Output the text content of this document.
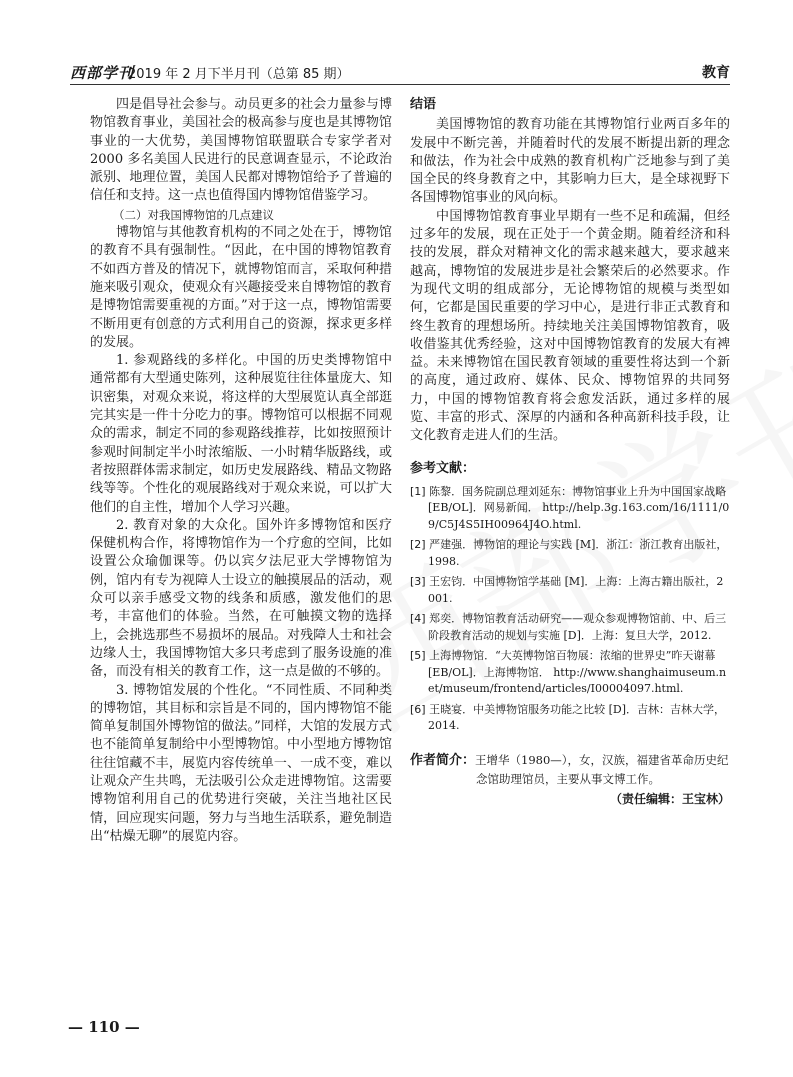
西部学刊
2019 年 2 月下半月刊（总第 85 期）	教育

四是倡导社会参与。动员更多的社会力量参与博物馆教育事业，美国社会的极高参与度也是其博物馆事业的一大优势，美国博物馆联盟联合专家学者对 2000 多名美国人民进行的民意调查显示，不论政治派别、地理位置，美国人民都对博物馆给予了普遍的信任和支持。这一点也值得国内博物馆借鉴学习。

（二）对我国博物馆的几点建议

博物馆与其他教育机构的不同之处在于，博物馆的教育不具有强制性。“因此，在中国的博物馆教育不如西方普及的情况下，就博物馆而言，采取何种措施来吸引观众，使观众有兴趣接受来自博物馆的教育是博物馆需要重视的方面。”对于这一点，博物馆需要不断用更有创意的方式利用自己的资源，探求更多样的发展。

1. 参观路线的多样化。中国的历史类博物馆中通常都有大型通史陈列，这种展览往往体量庞大、知识密集，对观众来说，将这样的大型展览认真全部逛完其实是一件十分吃力的事。博物馆可以根据不同观众的需求，制定不同的参观路线推荐，比如按照预计参观时间制定半小时浓缩版、一小时精华版路线，或者按照群体需求制定，如历史发展路线、精品文物路线等等。个性化的观展路线对于观众来说，可以扩大他们的自主性，增加个人学习兴趣。

2. 教育对象的大众化。国外许多博物馆和医疗保健机构合作，将博物馆作为一个疗愈的空间，比如设置公众瑜伽课等。仍以宾夕法尼亚大学博物馆为例，馆内有专为视障人士设立的触摸展品的活动，观众可以亲手感受文物的线条和质感，激发他们的思考，丰富他们的体验。当然，在可触摸文物的选择上，会挑选那些不易损坏的展品。对残障人士和社会边缘人士，我国博物馆大多只考虑到了服务设施的准备，而没有相关的教育工作，这一点是做的不够的。

3. 博物馆发展的个性化。“不同性质、不同种类的博物馆，其目标和宗旨是不同的，国内博物馆不能简单复制国外博物馆的做法。”同样，大馆的发展方式也不能简单复制给中小型博物馆。中小型地方博物馆往往馆藏不丰，展览内容传统单一、一成不变，难以让观众产生共鸣，无法吸引公众走进博物馆。这需要博物馆利用自己的优势进行突破，关注当地社区民情，回应现实问题，努力与当地生活联系，避免制造出“枯燥无聊”的展览内容。

结语

美国博物馆的教育功能在其博物馆行业两百多年的发展中不断完善，并随着时代的发展不断提出新的理念和做法，作为社会中成熟的教育机构广泛地参与到了美国全民的终身教育之中，其影响力巨大，是全球视野下各国博物馆事业的风向标。

中国博物馆教育事业早期有一些不足和疏漏，但经过多年的发展，现在正处于一个黄金期。随着经济和科技的发展，群众对精神文化的需求越来越大，要求越来越高，博物馆的发展进步是社会繁荣后的必然要求。作为现代文明的组成部分，无论博物馆的规模与类型如何，它都是国民重要的学习中心，是进行非正式教育和终生教育的理想场所。持续地关注美国博物馆教育，吸收借鉴其优秀经验，这对中国博物馆教育的发展大有裨益。未来博物馆在国民教育领域的重要性将达到一个新的高度，通过政府、媒体、民众、博物馆界的共同努力，中国的博物馆教育将会愈发活跃，通过多样的展览、丰富的形式、深厚的内涵和各种高新科技手段，让文化教育走进人们的生活。

参考文献：
[1] 陈黎．国务院副总理刘延东：博物馆事业上升为中国国家战略 [EB/OL]．网易新闻． http://help.3g.163.com/16/1111/09/C5J4S5IH00964J4O.html.
[2] 严建强．博物馆的理论与实践 [M]．浙江：浙江教育出版社，1998.
[3] 王宏钧．中国博物馆学基础 [M]．上海：上海古籍出版社，2001.
[4] 郑奕．博物馆教育活动研究——观众参观博物馆前、中、后三阶段教育活动的规划与实施 [D]．上海：复旦大学，2012.
[5] 上海博物馆．“大英博物馆百物展：浓缩的世界史”昨天谢幕 [EB/OL]．上海博物馆． http://www.shanghaimuseum.net/museum/frontend/articles/I00004097.html.
[6] 王晓宴．中美博物馆服务功能之比较 [D]．吉林：吉林大学，2014.
作者简介：王增华（1980—），女，汉族，福建省革命历史纪念馆助理馆员，主要从事文博工作。
（责任编辑：王宝林）
— 110 —
